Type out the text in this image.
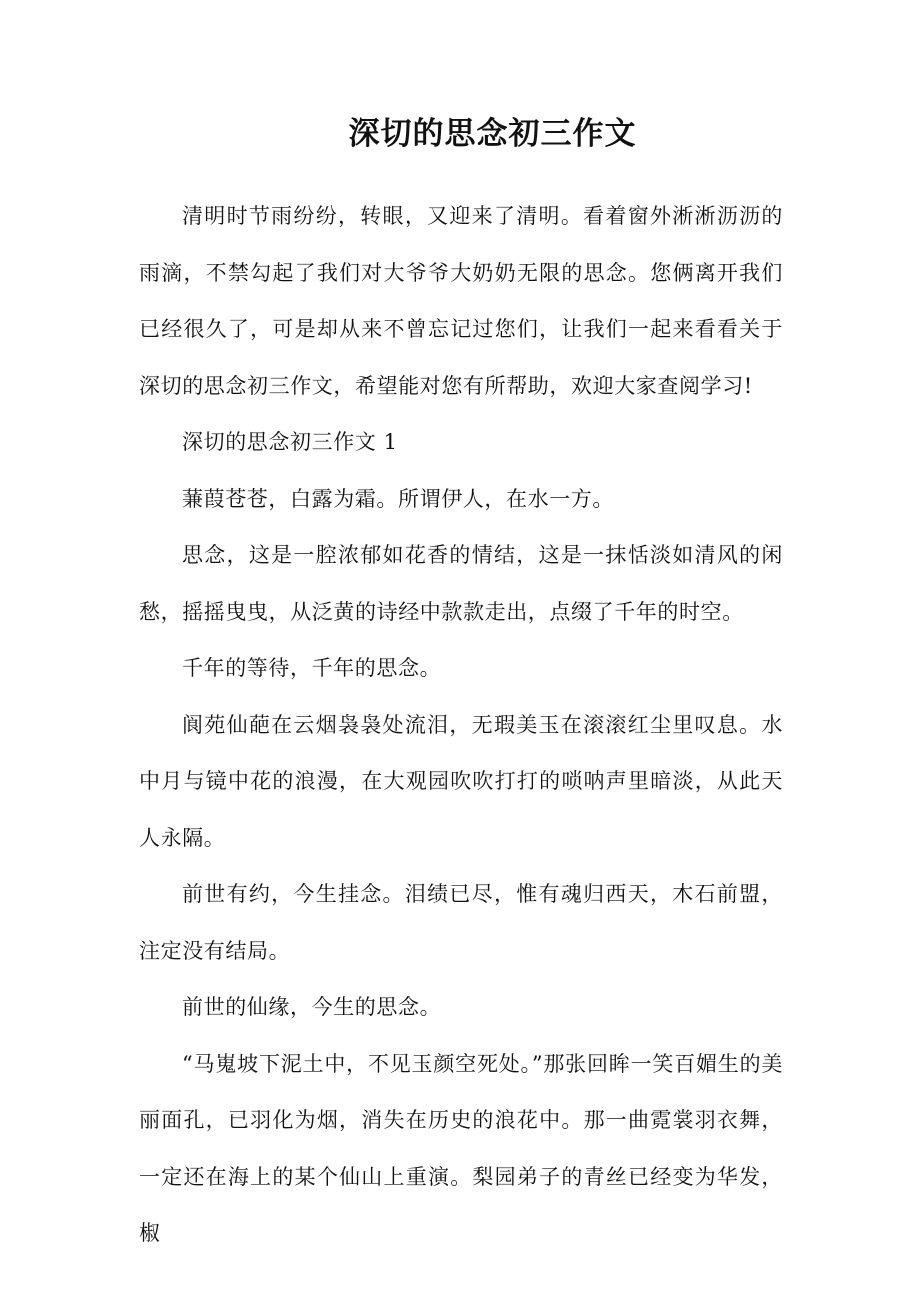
深切的思念初三作文

清明时节雨纷纷，转眼，又迎来了清明。看着窗外淅淅沥沥的雨滴，不禁勾起了我们对大爷爷大奶奶无限的思念。您俩离开我们已经很久了，可是却从来不曾忘记过您们，让我们一起来看看关于深切的思念初三作文，希望能对您有所帮助，欢迎大家查阅学习!

深切的思念初三作文 1

蒹葭苍苍，白露为霜。所谓伊人，在水一方。

思念，这是一腔浓郁如花香的情结，这是一抹恬淡如清风的闲愁，摇摇曳曳，从泛黄的诗经中款款走出，点缀了千年的时空。

千年的等待，千年的思念。

阆苑仙葩在云烟袅袅处流泪，无瑕美玉在滚滚红尘里叹息。水中月与镜中花的浪漫，在大观园吹吹打打的唢呐声里暗淡，从此天人永隔。

前世有约，今生挂念。泪绩已尽，惟有魂归西天，木石前盟，注定没有结局。

前世的仙缘，今生的思念。

“马嵬坡下泥土中，不见玉颜空死处。”那张回眸一笑百媚生的美丽面孔，已羽化为烟，消失在历史的浪花中。那一曲霓裳羽衣舞，一定还在海上的某个仙山上重演。梨园弟子的青丝已经变为华发，椒
